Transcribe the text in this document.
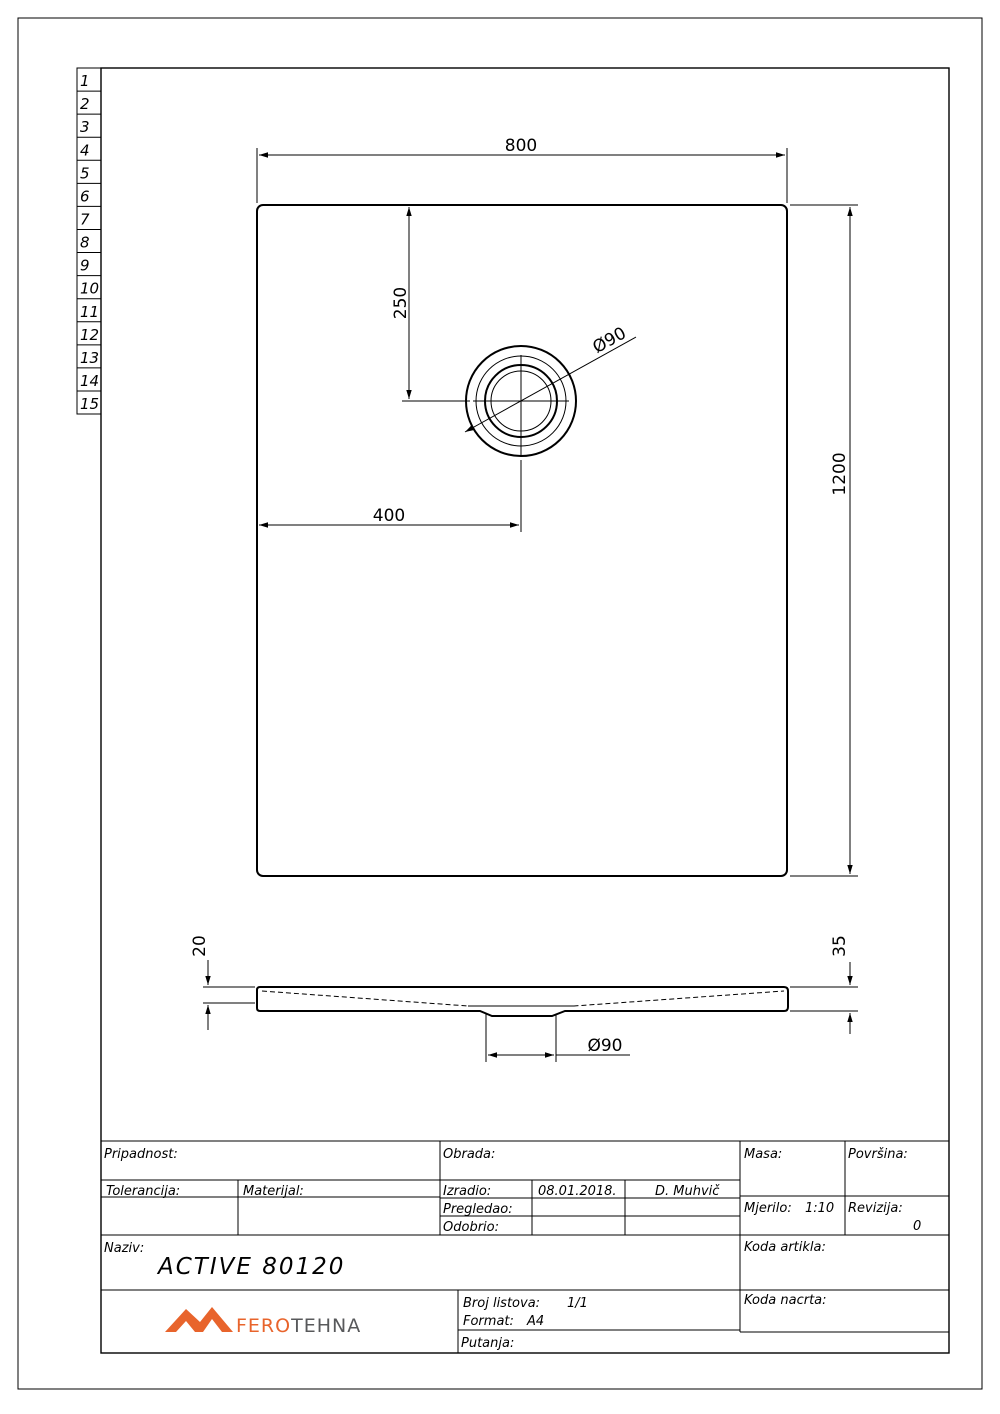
1
2
3
4
5
6
7
8
9
10
11
12
13
14
15
800
1200
250
400
Ø90
20	35
Ø90
Pripadnost:	Obrada:	Masa:	Površina:
Tolerancija:	Materijal:	Izradio:	08.01.2018.	D. Muhvič
Pregledao:
Odobrio:
Mjerilo: 1:10 Revizija:
0
Naziv:
ACTIVE 80120
Koda artikla:
Broj listova: 1/1
Format: A4
Putanja:
Koda nacrta:
FEROTEHNA
